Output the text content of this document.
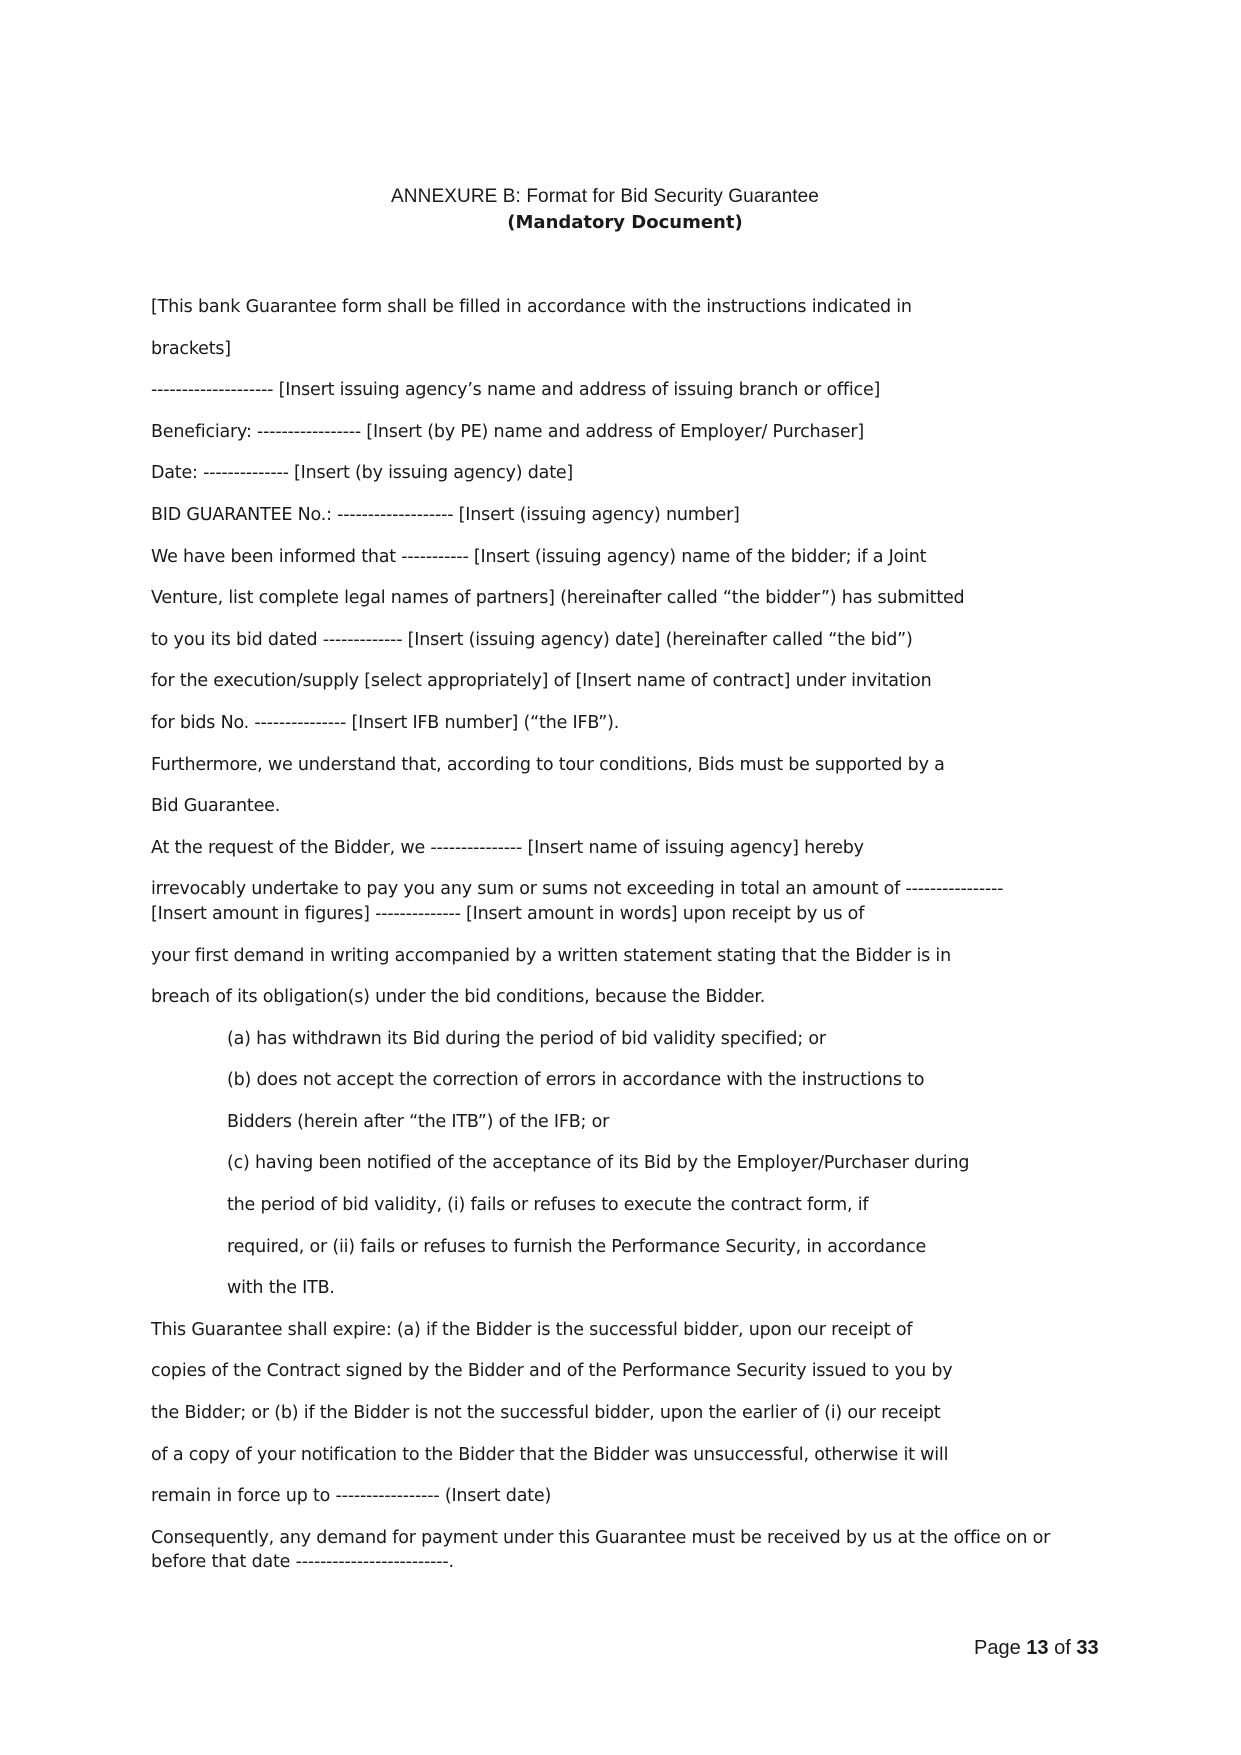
ANNEXURE B: Format for Bid Security Guarantee
(Mandatory Document)
[This bank Guarantee form shall be filled in accordance with the instructions indicated in
brackets]
-------------------- [Insert issuing agency’s name and address of issuing branch or office]
Beneficiary: ----------------- [Insert (by PE) name and address of Employer/ Purchaser]
Date: -------------- [Insert (by issuing agency) date]
BID GUARANTEE No.: ------------------- [Insert (issuing agency) number]
We have been informed that ----------- [Insert (issuing agency) name of the bidder; if a Joint
Venture, list complete legal names of partners] (hereinafter called “the bidder”) has submitted
to you its bid dated ------------- [Insert (issuing agency) date] (hereinafter called “the bid”)
for the execution/supply [select appropriately] of [Insert name of contract] under invitation
for bids No. --------------- [Insert IFB number] (“the IFB”).
Furthermore, we understand that, according to tour conditions, Bids must be supported by a
Bid Guarantee.
At the request of the Bidder, we --------------- [Insert name of issuing agency] hereby
irrevocably undertake to pay you any sum or sums not exceeding in total an amount of ----------------
[Insert amount in figures] -------------- [Insert amount in words] upon receipt by us of
your first demand in writing accompanied by a written statement stating that the Bidder is in
breach of its obligation(s) under the bid conditions, because the Bidder.
(a) has withdrawn its Bid during the period of bid validity specified; or
(b) does not accept the correction of errors in accordance with the instructions to
Bidders (herein after “the ITB”) of the IFB; or
(c) having been notified of the acceptance of its Bid by the Employer/Purchaser during
the period of bid validity, (i) fails or refuses to execute the contract form, if
required, or (ii) fails or refuses to furnish the Performance Security, in accordance
with the ITB.
This Guarantee shall expire: (a) if the Bidder is the successful bidder, upon our receipt of
copies of the Contract signed by the Bidder and of the Performance Security issued to you by
the Bidder; or (b) if the Bidder is not the successful bidder, upon the earlier of (i) our receipt
of a copy of your notification to the Bidder that the Bidder was unsuccessful, otherwise it will
remain in force up to ----------------- (Insert date)
Consequently, any demand for payment under this Guarantee must be received by us at the office on or
before that date -------------------------.
Page 13 of 33
